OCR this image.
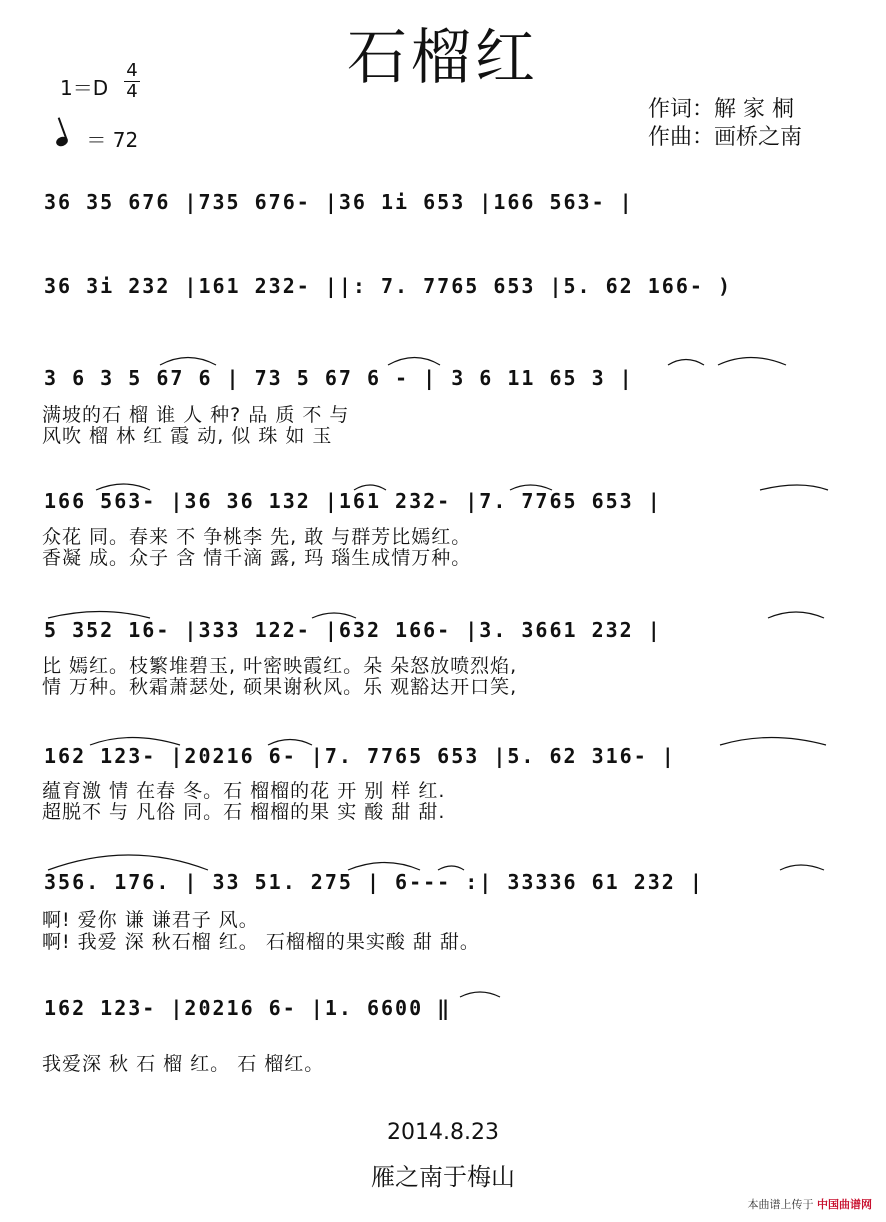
石榴红
1＝D
4
4
＝ 72
作词：解 家 桐
作曲：画桥之南
36 35 676 |735 676- |36 1i 653 |166 563- |
36 3i 232 |161 232- ||: 7. 7765 653 |5. 62 166- )
3 6 3 5 67 6 | 73 5 67 6 - | 3 6 11 65 3 |
满坡的石 榴 谁 人 种? 品 质 不 与
风吹 榴 林 红 霞 动, 似 珠 如 玉
166 563- |36 36 132 |161 232- |7. 7765 653 |
众花 同。春来 不 争桃李 先, 敢 与群芳比嫣红。
香凝 成。众子 含 情千滴 露, 玛 瑙生成情万种。
5 352 16- |333 122- |632 166- |3. 3661 232 |
比 嫣红。枝繁堆碧玉, 叶密映霞红。朵 朵怒放喷烈焰,
情 万种。秋霜萧瑟处, 硕果谢秋风。乐 观豁达开口笑,
162 123- |20216 6- |7. 7765 653 |5. 62 316- |
蕴育激 情 在春 冬。石 榴榴的花 开 别 样 红.
超脱不 与 凡俗 同。石 榴榴的果 实 酸 甜 甜.
356. 176. | 33 51. 275 | 6--- :| 33336 61 232 |
啊! 爱你 谦 谦君子 风。
啊! 我爱 深 秋石榴 红。 石榴榴的果实酸 甜 甜。
162 123- |20216 6- |1. 6600 ‖
我爱深 秋 石 榴 红。 石 榴红。
2014.8.23
雁之南于梅山
本曲谱上传于 中国曲谱网
